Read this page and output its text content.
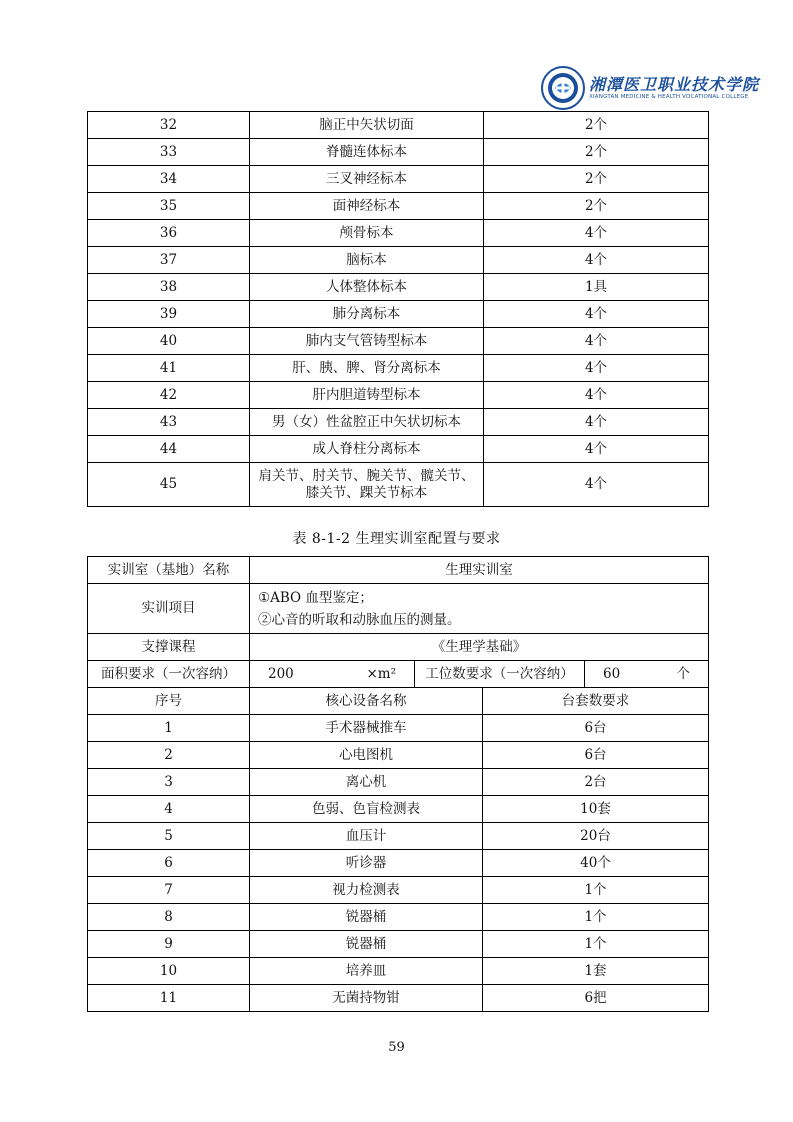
湘潭医卫职业技术学院
XIANGTAN MEDICINE & HEALTH VOCATIONAL COLLEGE
32	脑正中矢状切面	2个
33	脊髓连体标本	2个
34	三叉神经标本	2个
35	面神经标本	2个
36	颅骨标本	4个
37	脑标本	4个
38	人体整体标本	1具
39	肺分离标本	4个
40	肺内支气管铸型标本	4个
41	肝、胰、脾、肾分离标本	4个
42	肝内胆道铸型标本	4个
43	男（女）性盆腔正中矢状切标本	4个
44	成人脊柱分离标本	4个
45	肩关节、肘关节、腕关节、髋关节、
膝关节、踝关节标本	4个
表 8-1-2 生理实训室配置与要求
实训室（基地）名称	生理实训室			
实训项目	①ABO 血型鉴定；
②心音的听取和动脉血压的测量。			

支撑课程	《生理学基础》			
面积要求（一次容纳）	200 ×m²	工位数要求（一次容纳）		60 个

序号	核心设备名称		台套数要求	
1	手术器械推车		6台	
2	心电图机		6台	
3	离心机		2台	
4	色弱、色盲检测表		10套	
5	血压计		20台	
6	听诊器		40个	
7	视力检测表		1个	
8	锐器桶		1个	
9	锐器桶		1个	
10	培养皿		1套	
11	无菌持物钳		6把	
59
